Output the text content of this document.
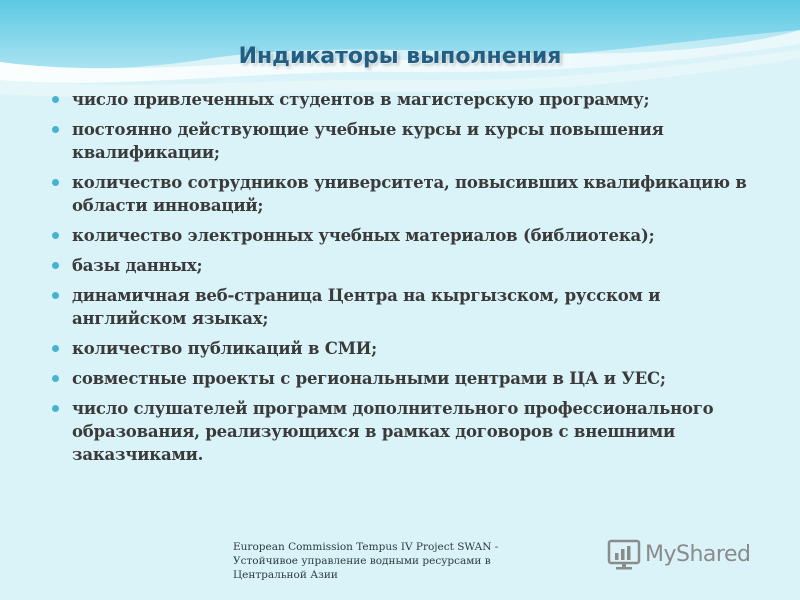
Индикаторы выполнения
число привлеченных студентов в магистерскую программу;
постоянно действующие учебные курсы и курсы повышения квалификации;
количество сотрудников университета, повысивших квалификацию в области инноваций;
количество электронных учебных материалов (библиотека);
базы данных;
динамичная веб-страница Центра на кыргызском, русском и английском языках;
количество публикаций в СМИ;
совместные проекты с региональными центрами в ЦА и УЕС;
число слушателей программ дополнительного профессионального образования, реализующихся в рамках договоров с внешними заказчиками.
European Commission Tempus IV Project SWAN -
Устойчивое управление водными ресурсами в
Центральной Азии
MyShared
